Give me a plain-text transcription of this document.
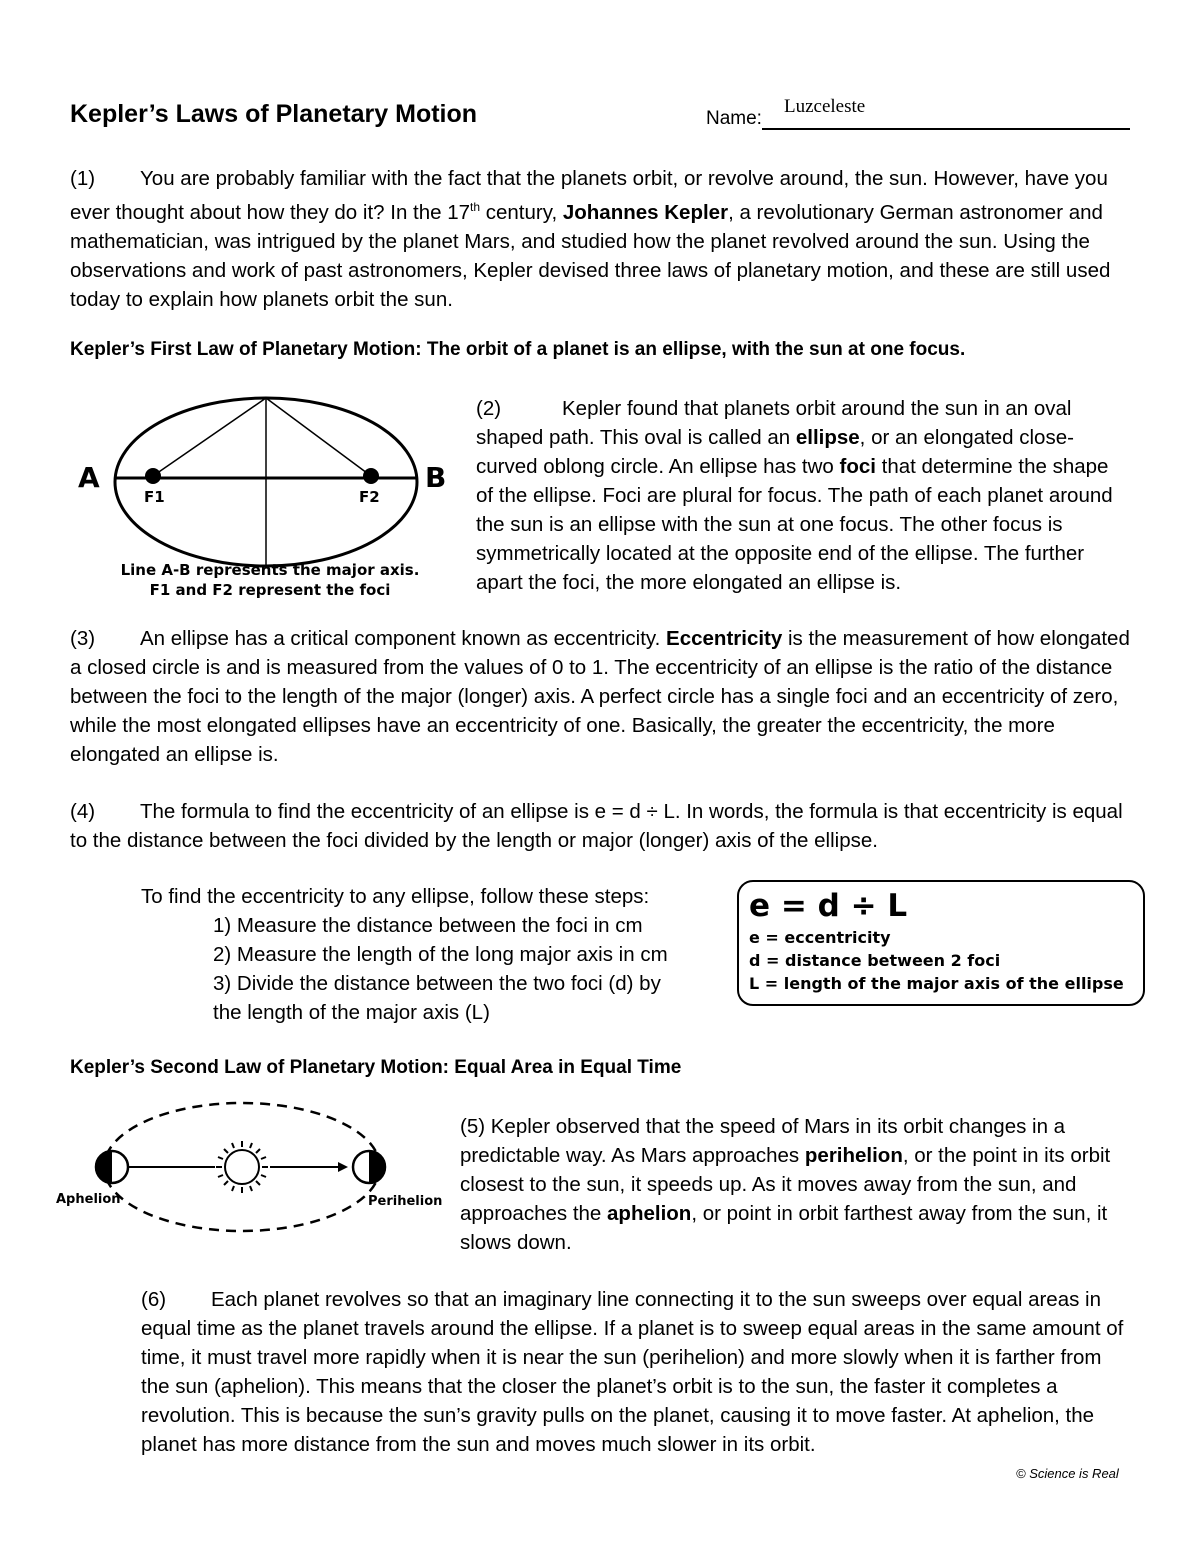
Kepler’s Laws of Planetary Motion	Name:
Luzceleste

(1) You are probably familiar with the fact that the planets orbit, or revolve around, the sun. However, have you ever thought about how they do it? In the 17th century, Johannes Kepler, a revolutionary German astronomer and mathematician, was intrigued by the planet Mars, and studied how the planet revolved around the sun. Using the observations and work of past astronomers, Kepler devised three laws of planetary motion, and these are still used today to explain how planets orbit the sun.

Kepler’s First Law of Planetary Motion: The orbit of a planet is an ellipse, with the sun at one focus.
A	B
F1	F2
Line A-B represents the major axis.
F1 and F2 represent the foci

(2)	Kepler found that planets orbit around the sun in an oval shaped path. This oval is called an ellipse, or an elongated close-curved oblong circle. An ellipse has two foci that determine the shape of the ellipse. Foci are plural for focus. The path of each planet around the sun is an ellipse with the sun at one focus. The other focus is symmetrically located at the opposite end of the ellipse. The further apart the foci, the more elongated an ellipse is.

(3) An ellipse has a critical component known as eccentricity. Eccentricity is the measurement of how elongated a closed circle is and is measured from the values of 0 to 1. The eccentricity of an ellipse is the ratio of the distance between the foci to the length of the major (longer) axis. A perfect circle has a single foci and an eccentricity of zero, while the most elongated ellipses have an eccentricity of one. Basically, the greater the eccentricity, the more elongated an ellipse is.

(4) The formula to find the eccentricity of an ellipse is e = d ÷ L. In words, the formula is that eccentricity is equal to the distance between the foci divided by the length or major (longer) axis of the ellipse.

To find the eccentricity to any ellipse, follow these steps:
1) Measure the distance between the foci in cm
2) Measure the length of the long major axis in cm
3) Divide the distance between the two foci (d) by
the length of the major axis (L)

e = d ÷ L

e = eccentricity

d = distance between 2 foci

L = length of the major axis of the ellipse

Kepler’s Second Law of Planetary Motion: Equal Area in Equal Time
Aphelion	Perihelion

(5) Kepler observed that the speed of Mars in its orbit changes in a predictable way. As Mars approaches perihelion, or the point in its orbit closest to the sun, it speeds up. As it moves away from the sun, and approaches the aphelion, or point in orbit farthest away from the sun, it slows down.

(6) Each planet revolves so that an imaginary line connecting it to the sun sweeps over equal areas in equal time as the planet travels around the ellipse. If a planet is to sweep equal areas in the same amount of time, it must travel more rapidly when it is near the sun (perihelion) and more slowly when it is farther from the sun (aphelion). This means that the closer the planet’s orbit is to the sun, the faster it completes a revolution. This is because the sun’s gravity pulls on the planet, causing it to move faster. At aphelion, the planet has more distance from the sun and moves much slower in its orbit.

© Science is Real
